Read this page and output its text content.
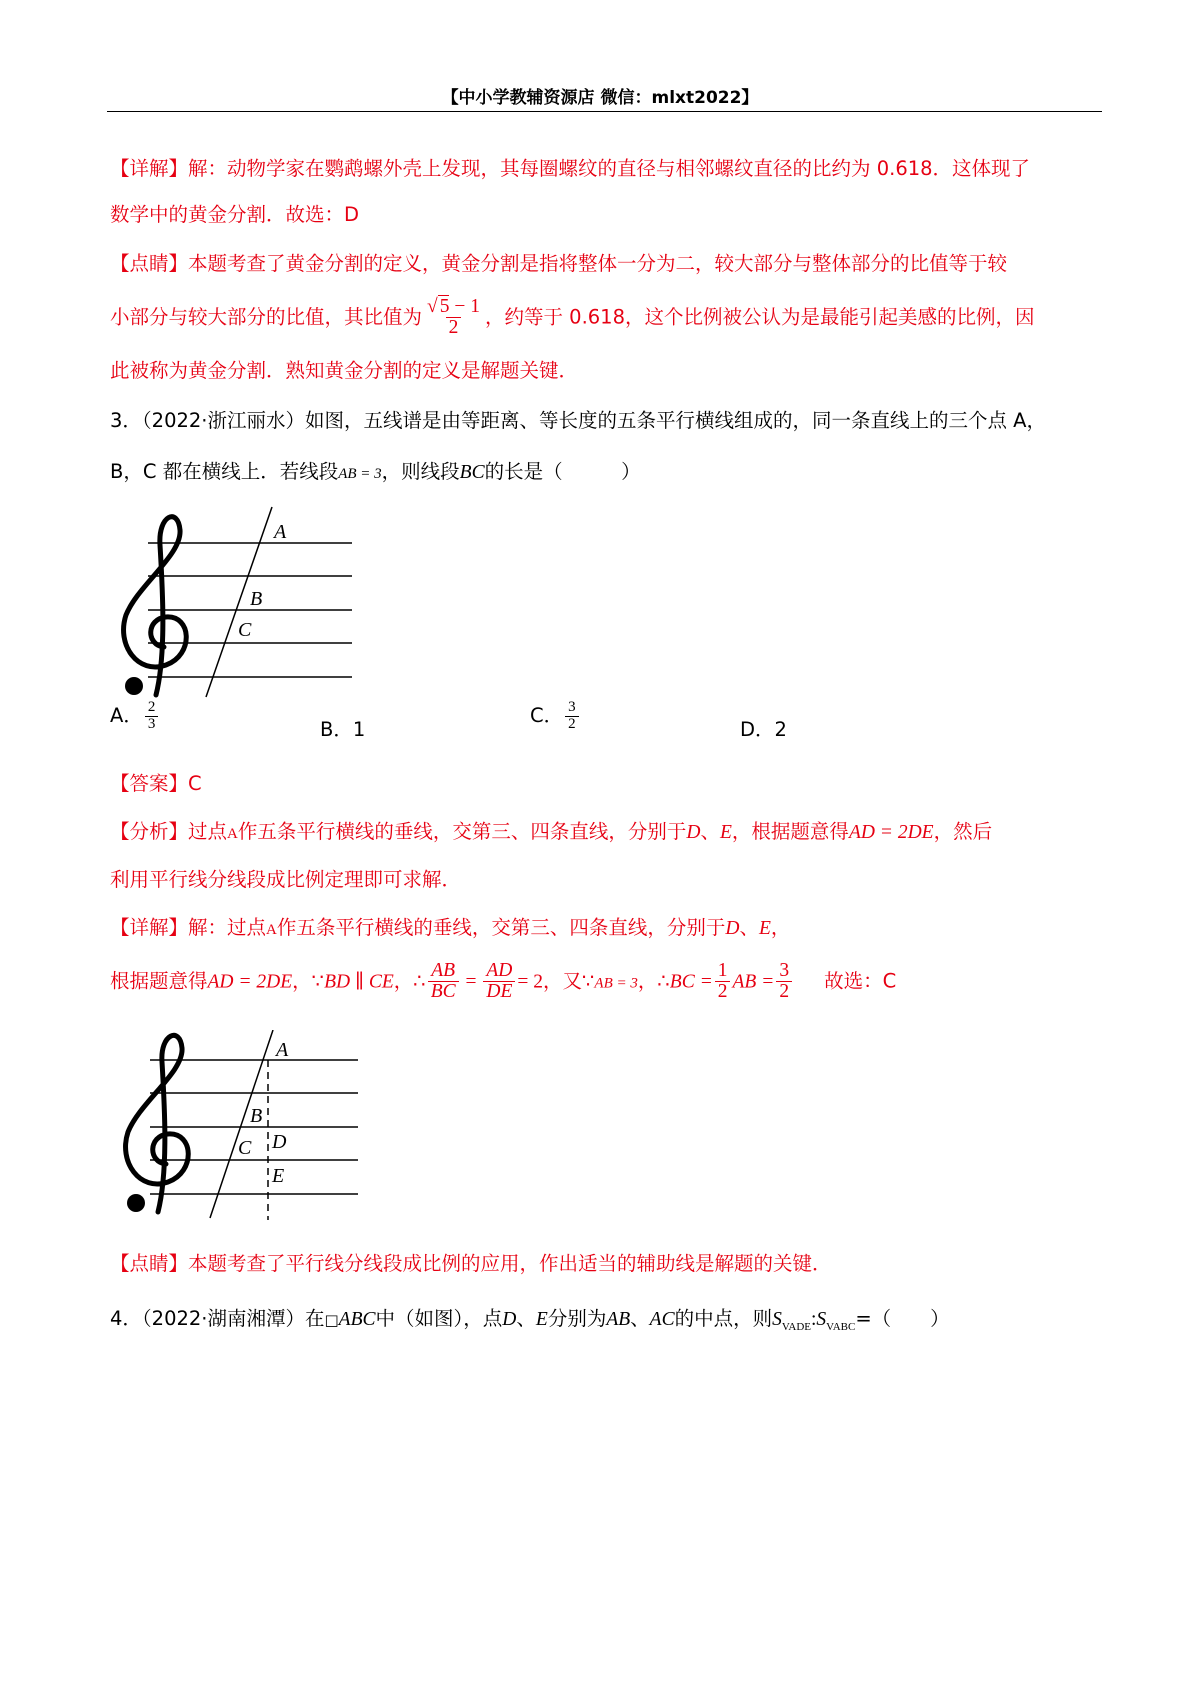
【中小学教辅资源店 微信：mlxt2022】
【详解】解：动物学家在鹦鹉螺外壳上发现，其每圈螺纹的直径与相邻螺纹直径的比约为 0.618．这体现了
数学中的黄金分割．故选：D
【点睛】本题考查了黄金分割的定义，黄金分割是指将整体一分为二，较大部分与整体部分的比值等于较
小部分与较大部分的比值，其比值为 $\frac{√ 5 - 1}{2}$ ，约等于 0.618，这个比例被公认为是最能引起美感的比例，因
此被称为黄金分割．熟知黄金分割的定义是解题关键．
3．（2022·浙江丽水）如图，五线谱是由等距离、等长度的五条平行横线组成的，同一条直线上的三个点 A，
B，C 都在横线上．若线段AB = 3，则线段BC的长是（　　　）
A
B
C
A． $\frac{2}{3}$	B．1
C． $\frac{3}{2}$	D．2
【答案】C
【分析】过点A作五条平行横线的垂线，交第三、四条直线，分别于D、E，根据题意得AD = 2DE，然后
利用平行线分线段成比例定理即可求解．
【详解】解：过点A作五条平行横线的垂线，交第三、四条直线，分别于D、E，
根据题意得AD = 2DE，∵BD ∥ CE，∴ $\frac{AB}{BC} = \frac{AD}{DE} = 2$，又∵AB = 3，∴BC = $\frac{1}{2}$ AB = $\frac{3}{2}$ 故选：C
A
B
C D
E
【点睛】本题考查了平行线分线段成比例的应用，作出适当的辅助线是解题的关键．
4．（2022·湖南湘潭）在□ABC中（如图），点D、E分别为AB、AC的中点，则$S_{VADE}:S_{VABC}=$（　　）
